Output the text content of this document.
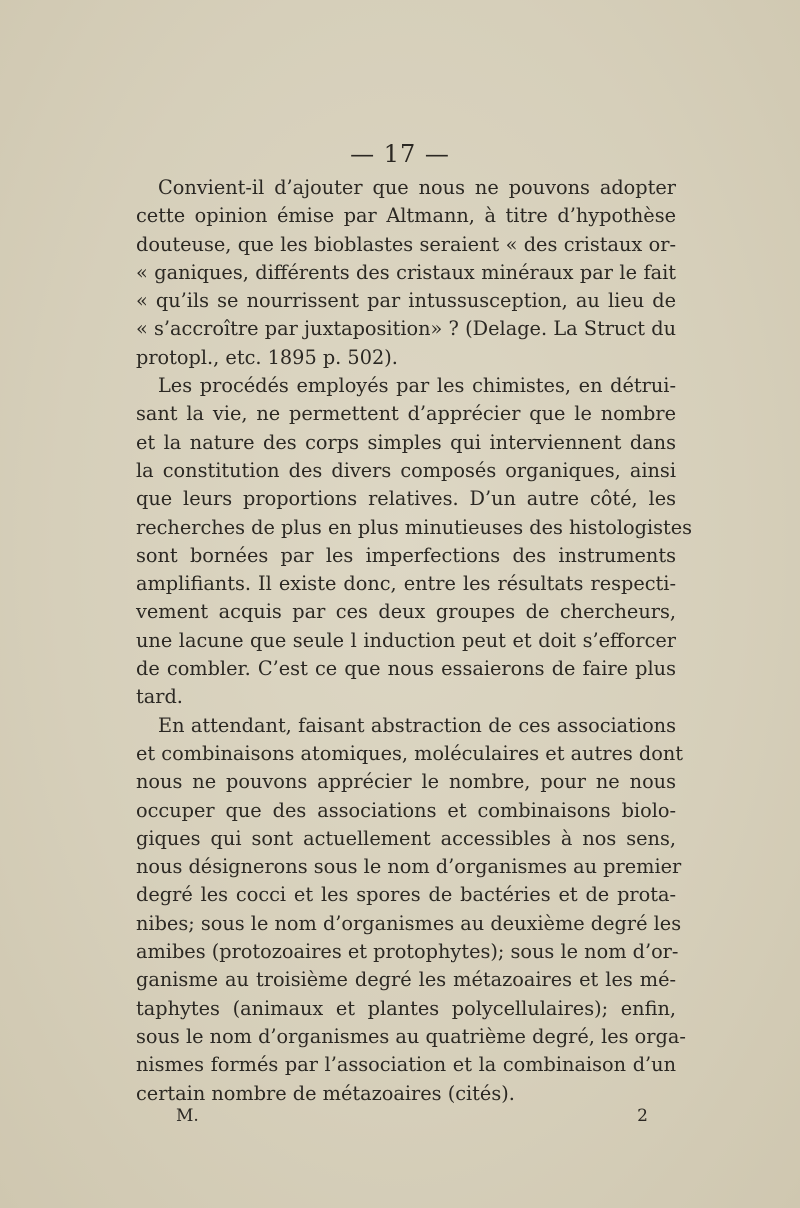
— 17 —
Convient-il d’ajouter que nous ne pouvons adopter
cette opinion émise par Altmann, à titre d’hypothèse
douteuse, que les bioblastes seraient « des cristaux or-
« ganiques, différents des cristaux minéraux par le fait
« qu’ils se nourrissent par intussusception, au lieu de
« s’accroître par juxtaposition» ? (Delage. La Struct du
protopl., etc. 1895 p. 502).
Les procédés employés par les chimistes, en détrui-
sant la vie, ne permettent d’apprécier que le nombre
et la nature des corps simples qui interviennent dans
la constitution des divers composés organiques, ainsi
que leurs proportions relatives. D’un autre côté, les
recherches de plus en plus minutieuses des histologistes
sont bornées par les imperfections des instruments
amplifiants. Il existe donc, entre les résultats respecti-
vement acquis par ces deux groupes de chercheurs,
une lacune que seule l induction peut et doit s’efforcer
de combler. C’est ce que nous essaierons de faire plus
tard.
En attendant, faisant abstraction de ces associations
et combinaisons atomiques, moléculaires et autres dont
nous ne pouvons apprécier le nombre, pour ne nous
occuper que des associations et combinaisons biolo-
giques qui sont actuellement accessibles à nos sens,
nous désignerons sous le nom d’organismes au premier
degré les cocci et les spores de bactéries et de prota-
nibes; sous le nom d’organismes au deuxième degré les
amibes (protozoaires et protophytes); sous le nom d’or-
ganisme au troisième degré les métazoaires et les mé-
taphytes (animaux et plantes polycellulaires); enfin,
sous le nom d’organismes au quatrième degré, les orga-
nismes formés par l’association et la combinaison d’un
certain nombre de métazoaires (cités).
M.	2
